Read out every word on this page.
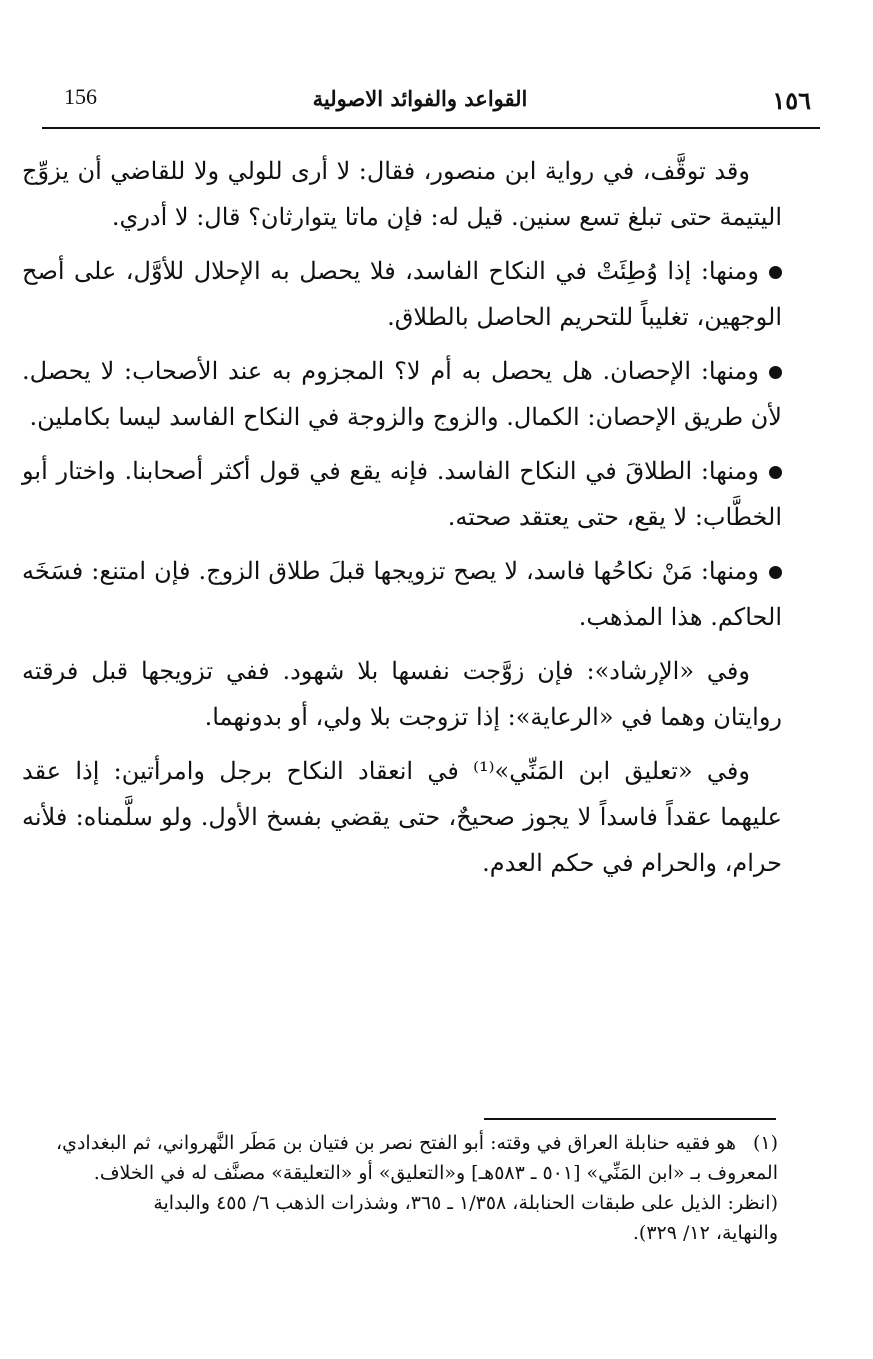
156	القواعد والفوائد الاصولية	١٥٦

وقد توقَّف، في رواية ابن منصور، فقال: لا أرى للولي ولا للقاضي أن يزوِّج اليتيمة حتى تبلغ تسع سنين. قيل له: فإن ماتا يتوارثان؟ قال: لا أدري.

ومنها: إذا وُطِئَتْ في النكاح الفاسد، فلا يحصل به الإحلال للأوَّل، على أصح الوجهين، تغليباً للتحريم الحاصل بالطلاق.

ومنها: الإحصان. هل يحصل به أم لا؟ المجزوم به عند الأصحاب: لا يحصل. لأن طريق الإحصان: الكمال. والزوج والزوجة في النكاح الفاسد ليسا بكاملين.

ومنها: الطلاقَ في النكاح الفاسد. فإنه يقع في قول أكثر أصحابنا. واختار أبو الخطَّاب: لا يقع، حتى يعتقد صحته.

ومنها: مَنْ نكاحُها فاسد، لا يصح تزويجها قبلَ طلاق الزوج. فإن امتنع: فسَخَه الحاكم. هذا المذهب.

وفي «الإرشاد»: فإن زوَّجت نفسها بلا شهود. ففي تزويجها قبل فرقته روايتان وهما في «الرعاية»: إذا تزوجت بلا ولي، أو بدونهما.

وفي «تعليق ابن المَنِّي»⁽¹⁾ في انعقاد النكاح برجل وامرأتين: إذا عقد عليهما عقداً فاسداً لا يجوز صحيحٌ، حتى يقضي بفسخ الأول. ولو سلَّمناه: فلأنه حرام، والحرام في حكم العدم.

(١)هو فقيه حنابلة العراق في وقته: أبو الفتح نصر بن فتيان بن مَطَر النَّهرواني، ثم البغدادي،

المعروف بـ «ابن المَنِّي» [٥٠١ ـ ٥٨٣هـ] و«التعليق» أو «التعليقة» مصنَّف له في الخلاف.

(انظر: الذيل على طبقات الحنابلة، ١/٣٥٨ ـ ٣٦٥، وشذرات الذهب ٦/ ٤٥٥ والبداية

والنهاية، ١٢/ ٣٢٩).
